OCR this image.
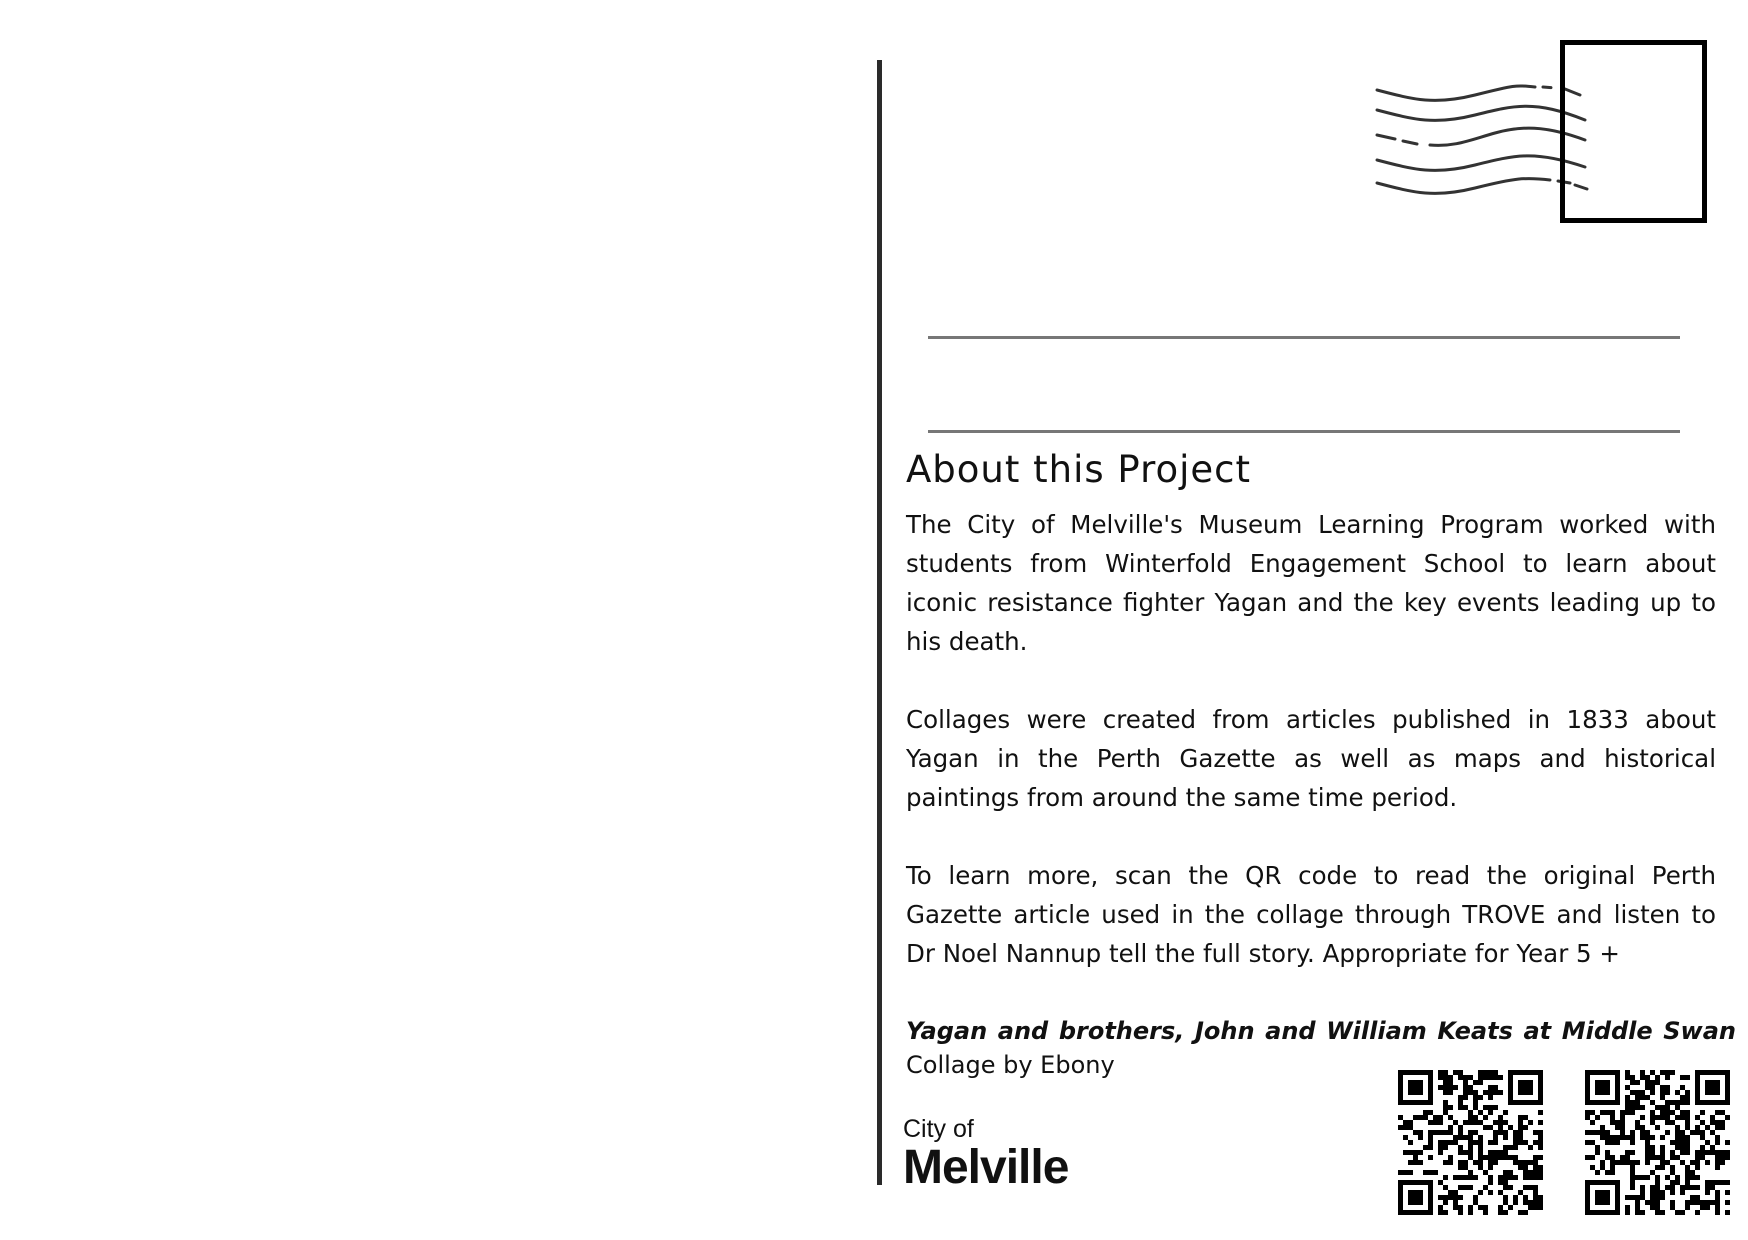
About this Project

The City of Melville's Museum Learning Program worked with students from Winterfold Engagement School to learn about iconic resistance fighter Yagan and the key events leading up to his death.

Collages were created from articles published in 1833 about Yagan in the Perth Gazette as well as maps and historical paintings from around the same time period.

To learn more, scan the QR code to read the original Perth Gazette article used in the collage through TROVE and listen to Dr Noel Nannup tell the full story. Appropriate for Year 5 +

Yagan and brothers, John and William Keats at Middle Swan
Collage by Ebony
City of
Melville
